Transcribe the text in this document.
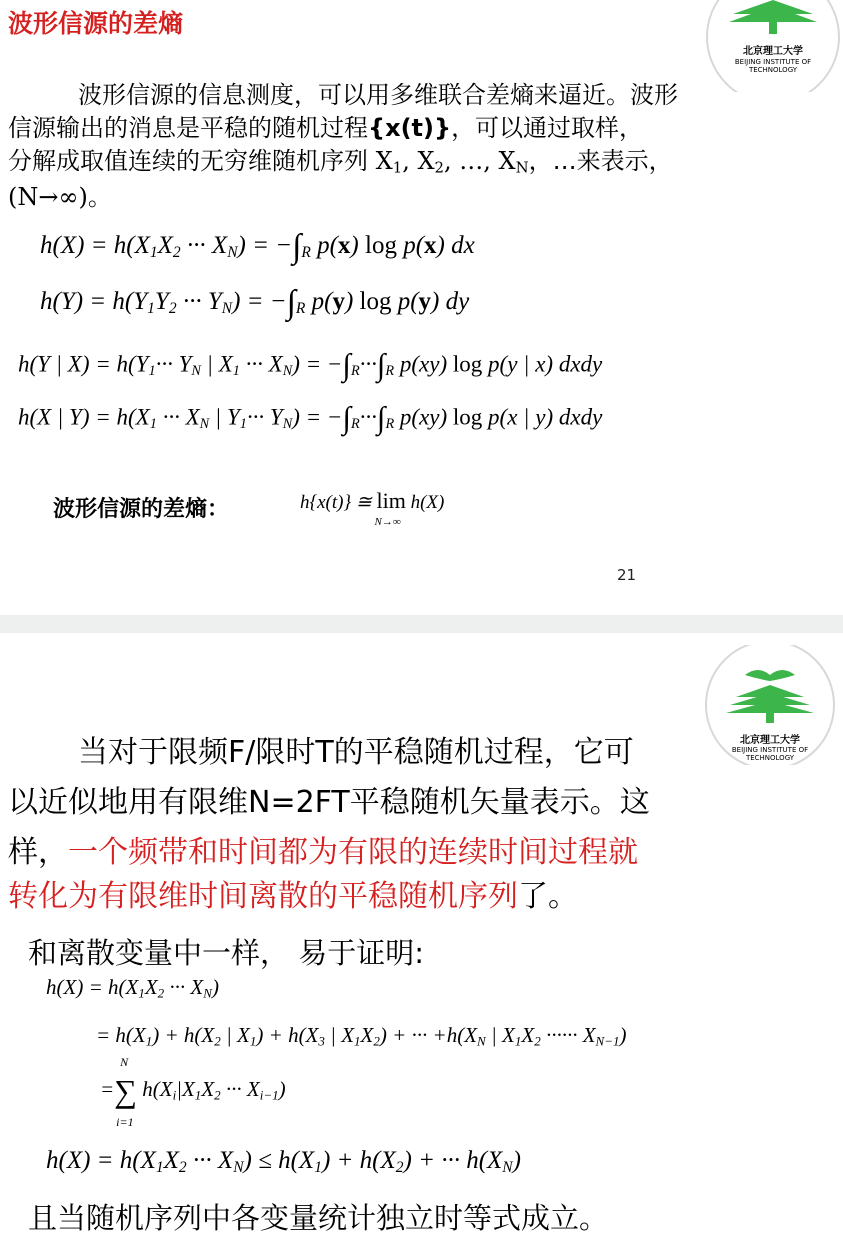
北京理工大学
BEIJING INSTITUTE OF
TECHNOLOGY
波形信源的差熵
波形信源的信息测度，可以用多维联合差熵来逼近。波形
信源输出的消息是平稳的随机过程{x(t)}，可以通过取样，
分解成取值连续的无穷维随机序列 $X_1$, $X_2$, …, $X_N$，…来表示，
(N→∞)。
$h(X) = h(X_1X_2$ ··· $X_N) = -\int_R$ p(x) log p(x) dx
$h(Y) = h(Y_1Y_2$ ··· $Y_N) = -\int_R$ p(y) log p(y) dy
h(Y | $X) = h(Y_1\cdot\cdot\cdot Y_N$ | $X_1$ ··· $X_N) = -\int_R\cdot\cdot\cdot\int_R$ p(xy) log p(y | x) dxdy
h(X | $Y) = h(X_1$ ··· $X_N$ | $Y_1\cdot\cdot\cdot Y_N) = -\int_R\cdot\cdot\cdot\int_R$ p(xy) log p(x | y) dxdy
波形信源的差熵：	h{x(t)} ≅ lim
N→∞
h(X)
21
北京理工大学
BEIJING INSTITUTE OF
TECHNOLOGY
当对于限频F/限时T的平稳随机过程，它可
以近似地用有限维N=2FT平稳随机矢量表示。这
样，一个频带和时间都为有限的连续时间过程就
转化为有限维时间离散的平稳随机序列了。
和离散变量中一样， 易于证明:
$h(X) = h(X_1X_2$ ··· $X_N$)
= $h(X_1) + h(X_2$ | $X_1) + h(X_3$ | $X_1X_2$) + ··· $+h(X_N$ | $X_1X_2$ ······ $X_{N-1}$)
=∑
N
i=1
$h(X_i|X_1X_2$ ··· $X_{i-1}$)
$h(X) = h(X_1X_2$ ··· $X_N) \le h(X_1) + h(X_2)$ + ··· $h(X_N)$
且当随机序列中各变量统计独立时等式成立。
